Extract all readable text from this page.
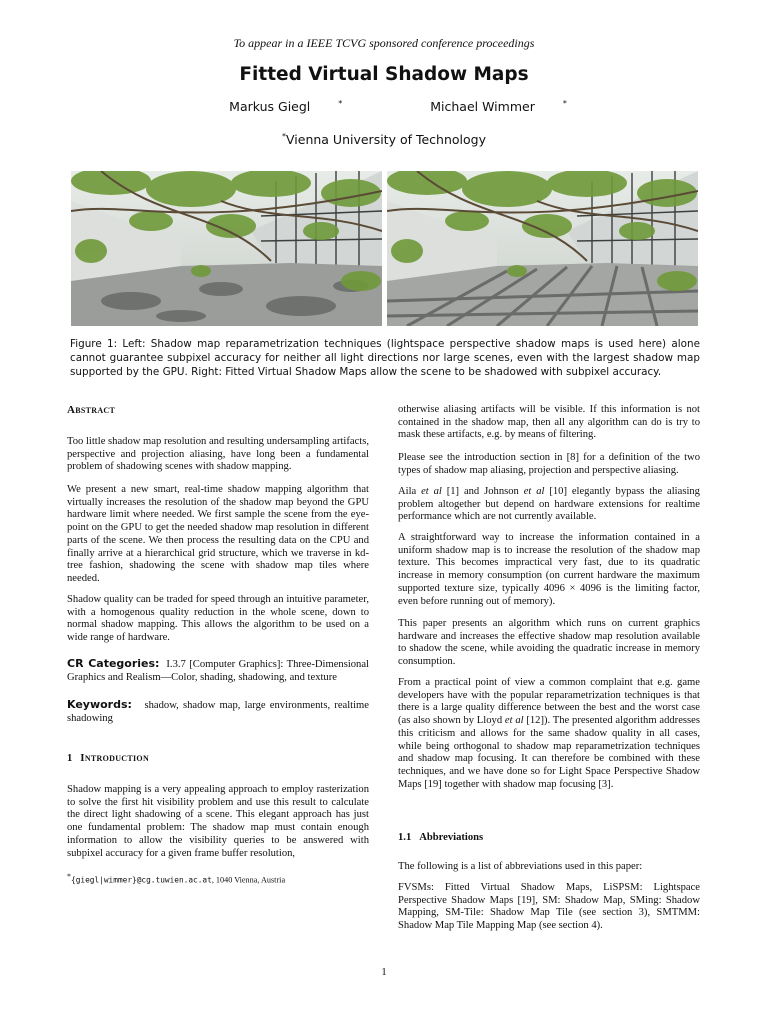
To appear in a IEEE TCVG sponsored conference proceedings
Fitted Virtual Shadow Maps
Markus Giegl	*	Michael Wimmer	*
*Vienna University of Technology
Figure 1: Left: Shadow map reparametrization techniques (lightspace perspective shadow maps is used here) alone cannot guarantee subpixel accuracy for neither all light directions nor large scenes, even with the largest shadow map supported by the GPU. Right: Fitted Virtual Shadow Maps allow the scene to be shadowed with subpixel accuracy.
Abstract
Too little shadow map resolution and resulting undersampling artifacts, perspective and projection aliasing, have long been a fundamental problem of shadowing scenes with shadow mapping.
We present a new smart, real-time shadow mapping algorithm that virtually increases the resolution of the shadow map beyond the GPU hardware limit where needed. We first sample the scene from the eye-point on the GPU to get the needed shadow map resolution in different parts of the scene. We then process the resulting data on the CPU and finally arrive at a hierarchical grid structure, which we traverse in kd-tree fashion, shadowing the scene with shadow map tiles where needed.
Shadow quality can be traded for speed through an intuitive parameter, with a homogenous quality reduction in the whole scene, down to normal shadow mapping. This allows the algorithm to be used on a wide range of hardware.
CR Categories: I.3.7 [Computer Graphics]: Three-Dimensional Graphics and Realism—Color, shading, shadowing, and texture
Keywords: shadow, shadow map, large environments, realtime shadowing
1 Introduction
Shadow mapping is a very appealing approach to employ rasterization to solve the first hit visibility problem and use this result to calculate the direct light shadowing of a scene. This elegant approach has just one fundamental problem: The shadow map must contain enough information to allow the visibility queries to be answered with subpixel accuracy for a given frame buffer resolution,
*{giegl|wimmer}@cg.tuwien.ac.at, 1040 Vienna, Austria
otherwise aliasing artifacts will be visible. If this information is not contained in the shadow map, then all any algorithm can do is try to mask these artifacts, e.g. by means of filtering.
Please see the introduction section in [8] for a definition of the two types of shadow map aliasing, projection and perspective aliasing.
Aila et al [1] and Johnson et al [10] elegantly bypass the aliasing problem altogether but depend on hardware extensions for realtime performance which are not currently available.
A straightforward way to increase the information contained in a uniform shadow map is to increase the resolution of the shadow map texture. This becomes impractical very fast, due to its quadratic increase in memory consumption (on current hardware the maximum supported texture size, typically 4096 × 4096 is the limiting factor, even before running out of memory).
This paper presents an algorithm which runs on current graphics hardware and increases the effective shadow map resolution available to shadow the scene, while avoiding the quadratic increase in memory consumption.
From a practical point of view a common complaint that e.g. game developers have with the popular reparametrization techniques is that there is a large quality difference between the best and the worst case (as also shown by Lloyd et al [12]). The presented algorithm addresses this criticism and allows for the same shadow quality in all cases, while being orthogonal to shadow map reparametrization techniques and shadow map focusing. It can therefore be combined with these techniques, and we have done so for Light Space Perspective Shadow Maps [19] together with shadow map focusing [3].
1.1 Abbreviations
The following is a list of abbreviations used in this paper:
FVSMs: Fitted Virtual Shadow Maps, LiSPSM: Lightspace Perspective Shadow Maps [19], SM: Shadow Map, SMing: Shadow Mapping, SM-Tile: Shadow Map Tile (see section 3), SMTMM: Shadow Map Tile Mapping Map (see section 4).
1
